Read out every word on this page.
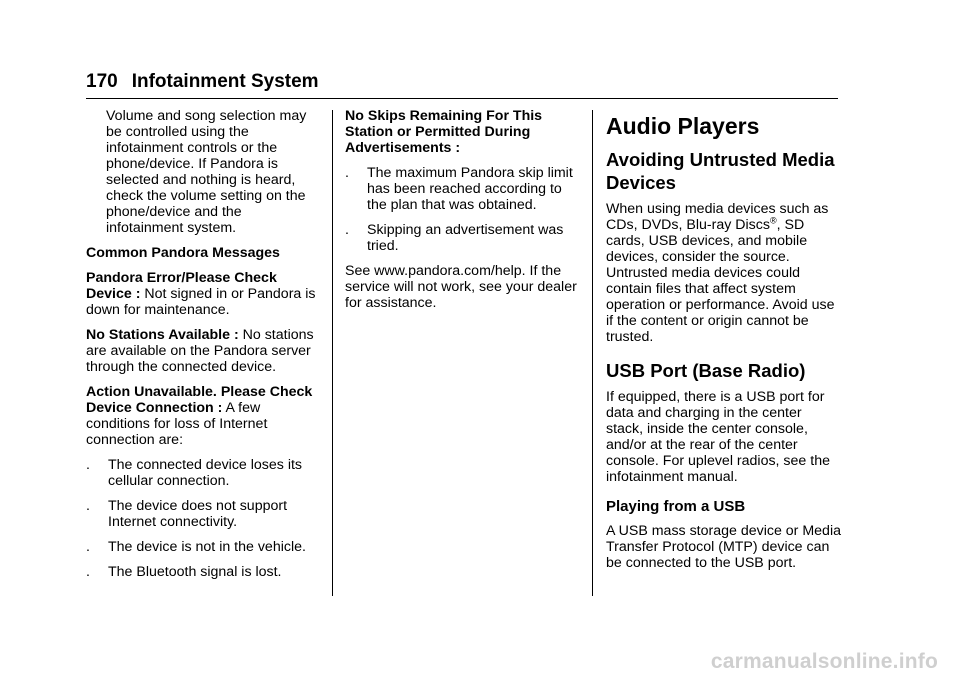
170 Infotainment System

Volume and song selection may be controlled using the infotainment controls or the phone/device. If Pandora is selected and nothing is heard, check the volume setting on the phone/device and the infotainment system.

Common Pandora Messages

Pandora Error/Please Check Device : Not signed in or Pandora is down for maintenance.

No Stations Available : No stations are available on the Pandora server through the connected device.

Action Unavailable. Please Check Device Connection : A few conditions for loss of Internet connection are:

. The connected device loses its cellular connection.
. The device does not support Internet connectivity.
. The device is not in the vehicle.
. The Bluetooth signal is lost.

No Skips Remaining For This Station or Permitted During Advertisements :

. The maximum Pandora skip limit has been reached according to the plan that was obtained.
. Skipping an advertisement was tried.

See www.pandora.com/help. If the service will not work, see your dealer for assistance.

Audio Players
Avoiding Untrusted Media Devices

When using media devices such as CDs, DVDs, Blu-ray Discs®, SD cards, USB devices, and mobile devices, consider the source. Untrusted media devices could contain files that affect system operation or performance. Avoid use if the content or origin cannot be trusted.

USB Port (Base Radio)

If equipped, there is a USB port for data and charging in the center stack, inside the center console, and/or at the rear of the center console. For uplevel radios, see the infotainment manual.

Playing from a USB

A USB mass storage device or Media Transfer Protocol (MTP) device can be connected to the USB port.

carmanualsonline.info
